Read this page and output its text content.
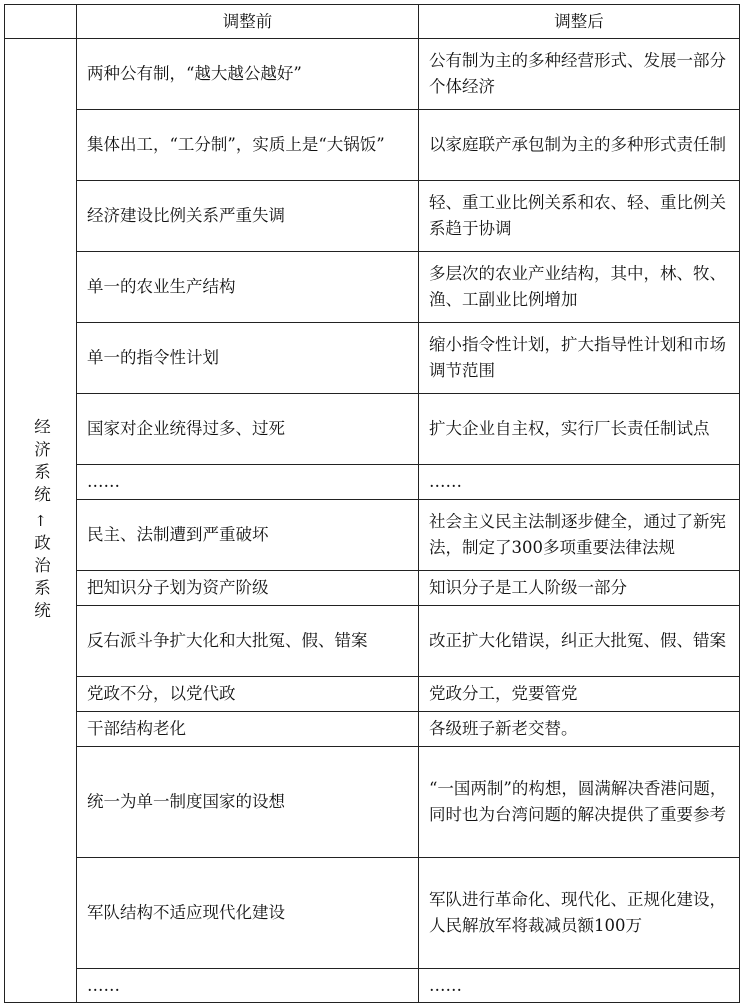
	调整前	调整后

经济系统
↑
政治系统	两种公有制，“越大越公越好”	公有制为主的多种经营形式、发展一部分个体经济
	集体出工，“工分制”，实质上是“大锅饭”	以家庭联产承包制为主的多种形式责任制
	经济建设比例关系严重失调	轻、重工业比例关系和农、轻、重比例关系趋于协调
	单一的农业生产结构	多层次的农业产业结构，其中，林、牧、渔、工副业比例增加
	单一的指令性计划	缩小指令性计划，扩大指导性计划和市场调节范围
	国家对企业统得过多、过死	扩大企业自主权，实行厂长责任制试点
	……	……
	民主、法制遭到严重破坏	社会主义民主法制逐步健全，通过了新宪法，制定了300多项重要法律法规
	把知识分子划为资产阶级	知识分子是工人阶级一部分
	反右派斗争扩大化和大批冤、假、错案	改正扩大化错误，纠正大批冤、假、错案
	党政不分，以党代政	党政分工，党要管党
	干部结构老化	各级班子新老交替。
	统一为单一制度国家的设想	“一国两制”的构想，圆满解决香港问题，同时也为台湾问题的解决提供了重要参考
	军队结构不适应现代化建设	军队进行革命化、现代化、正规化建设，人民解放军将裁减员额100万
	……	……
